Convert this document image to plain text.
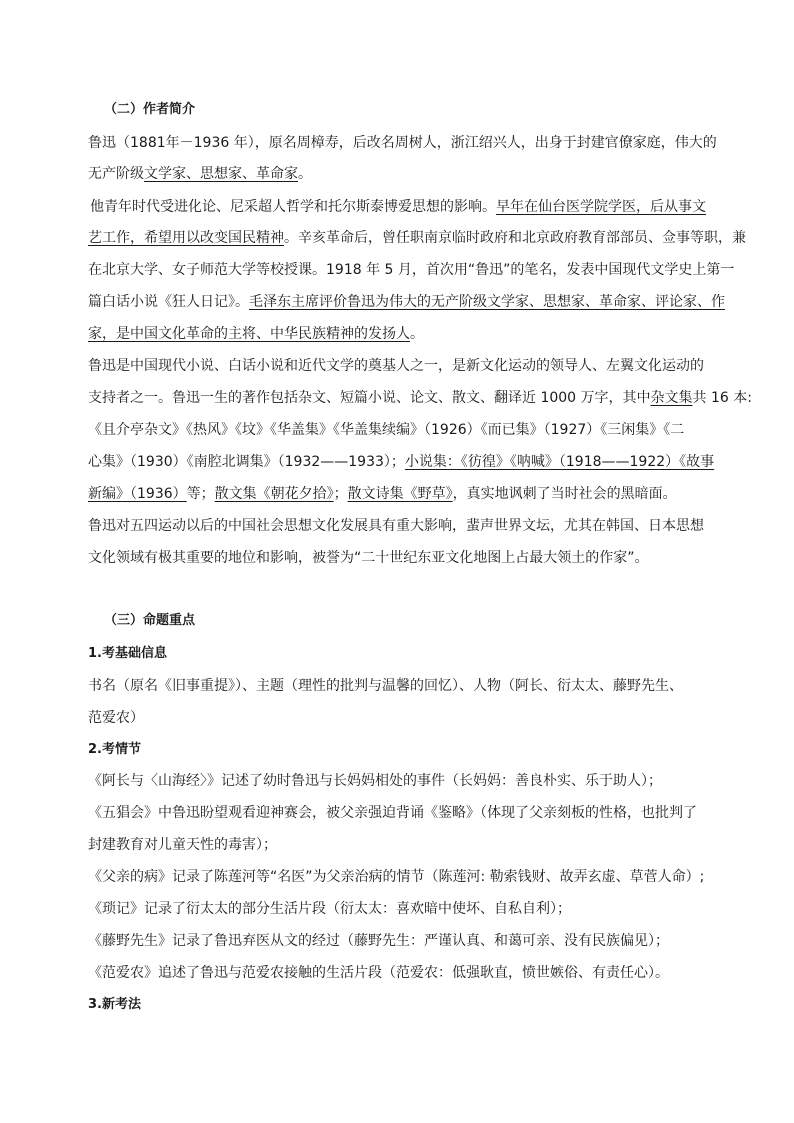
（二）作者简介
鲁迅（1881年－1936 年），原名周樟寿，后改名周树人，浙江绍兴人，出身于封建官僚家庭，伟大的
无产阶级文学家、思想家、革命家。
他青年时代受进化论、尼采超人哲学和托尔斯泰博爱思想的影响。早年在仙台医学院学医，后从事文
艺工作，希望用以改变国民精神。辛亥革命后，曾任职南京临时政府和北京政府教育部部员、佥事等职，兼
在北京大学、女子师范大学等校授课。1918 年 5 月，首次用“鲁迅”的笔名，发表中国现代文学史上第一
篇白话小说《狂人日记》。毛泽东主席评价鲁迅为伟大的无产阶级文学家、思想家、革命家、评论家、作
家，是中国文化革命的主将、中华民族精神的发扬人。
鲁迅是中国现代小说、白话小说和近代文学的奠基人之一，是新文化运动的领导人、左翼文化运动的
支持者之一。鲁迅一生的著作包括杂文、短篇小说、论文、散文、翻译近 1000 万字，其中杂文集共 16 本:
《且介亭杂文》《热风》《坟》《华盖集》《华盖集续编》（1926）《而已集》（1927）《三闲集》《二
心集》（1930）《南腔北调集》（1932——1933）；小说集：《彷徨》《呐喊》（1918——1922）《故事
新编》（1936）等；散文集《朝花夕拾》；散文诗集《野草》，真实地讽刺了当时社会的黑暗面。
鲁迅对五四运动以后的中国社会思想文化发展具有重大影响，蜚声世界文坛，尤其在韩国、日本思想
文化领域有极其重要的地位和影响，被誉为“二十世纪东亚文化地图上占最大领土的作家”。
（三）命题重点
1.考基础信息
书名（原名《旧事重提》）、主题（理性的批判与温馨的回忆）、人物（阿长、衍太太、藤野先生、
范爱农）
2.考情节
《阿长与〈山海经〉》记述了幼时鲁迅与长妈妈相处的事件（长妈妈：善良朴实、乐于助人）；
《五猖会》中鲁迅盼望观看迎神赛会，被父亲强迫背诵《鉴略》（体现了父亲刻板的性格，也批判了
封建教育对儿童天性的毒害）；
《父亲的病》记录了陈莲河等“名医”为父亲治病的情节（陈莲河: 勒索钱财、故弄玄虚、草菅人命）;
《琐记》记录了衍太太的部分生活片段（衍太太：喜欢暗中使坏、自私自利）；
《藤野先生》记录了鲁迅弃医从文的经过（藤野先生：严谨认真、和蔼可亲、没有民族偏见）；
《范爱农》追述了鲁迅与范爱农接触的生活片段（范爱农：低强耿直，愤世嫉俗、有责任心）。
3.新考法
